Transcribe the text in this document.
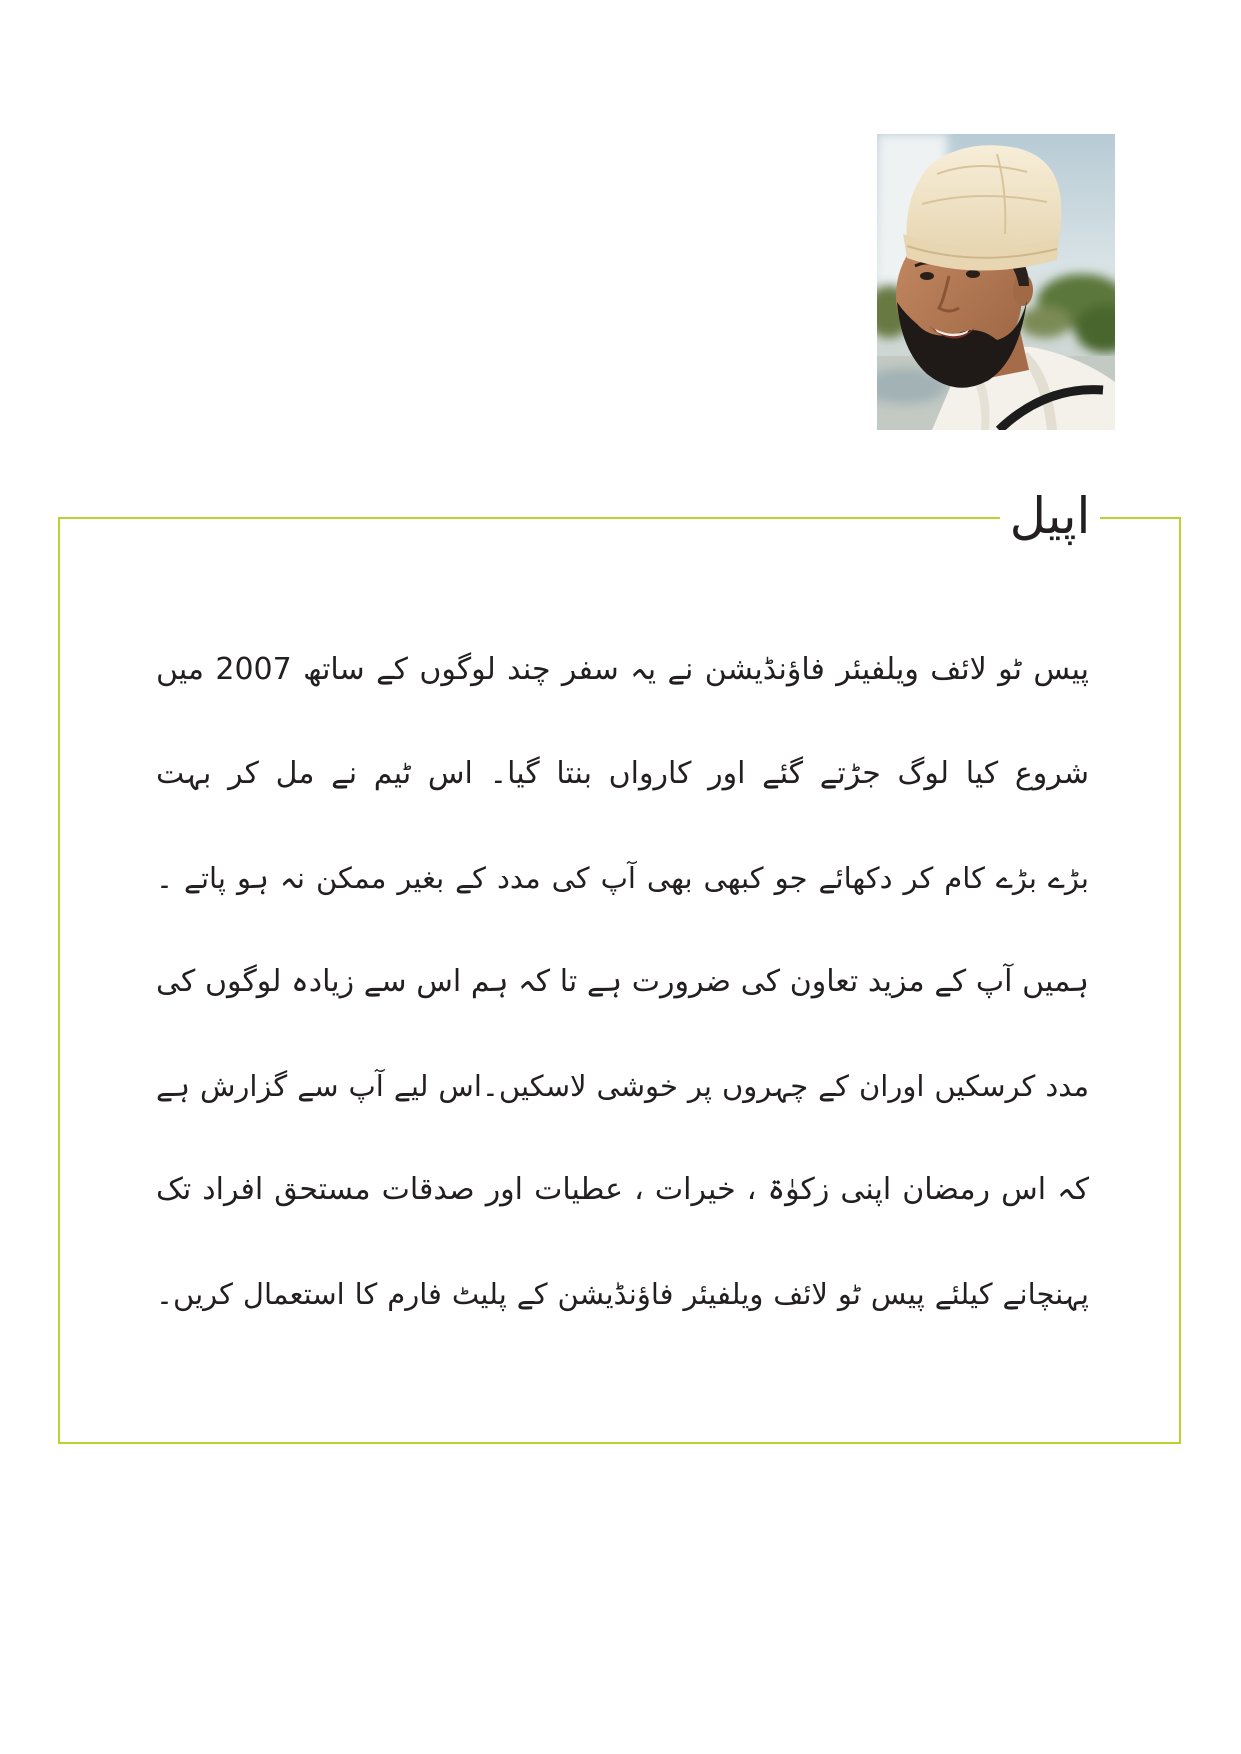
اپیل
پیس ٹو لائف ویلفیئر فاؤنڈیشن نے یہ سفر چند لوگوں کے ساتھ 2007 میں
شروع کیا لوگ جڑتے گئے اور کارواں بنتا گیا۔ اس ٹیم نے مل کر بہت
بڑے بڑے کام کر دکھائے جو کبھی بھی آپ کی مدد کے بغیر ممکن نہ ہو پاتے ۔
ہمیں آپ کے مزید تعاون کی ضرورت ہے تا کہ ہم اس سے زیادہ لوگوں کی
مدد کرسکیں اوران کے چہروں پر خوشی لاسکیں۔اس لیے آپ سے گزارش ہے
کہ اس رمضان اپنی زکوٰۃ ، خیرات ، عطیات اور صدقات مستحق افراد تک
پہنچانے کیلئے پیس ٹو لائف ویلفیئر فاؤنڈیشن کے پلیٹ فارم کا استعمال کریں۔
